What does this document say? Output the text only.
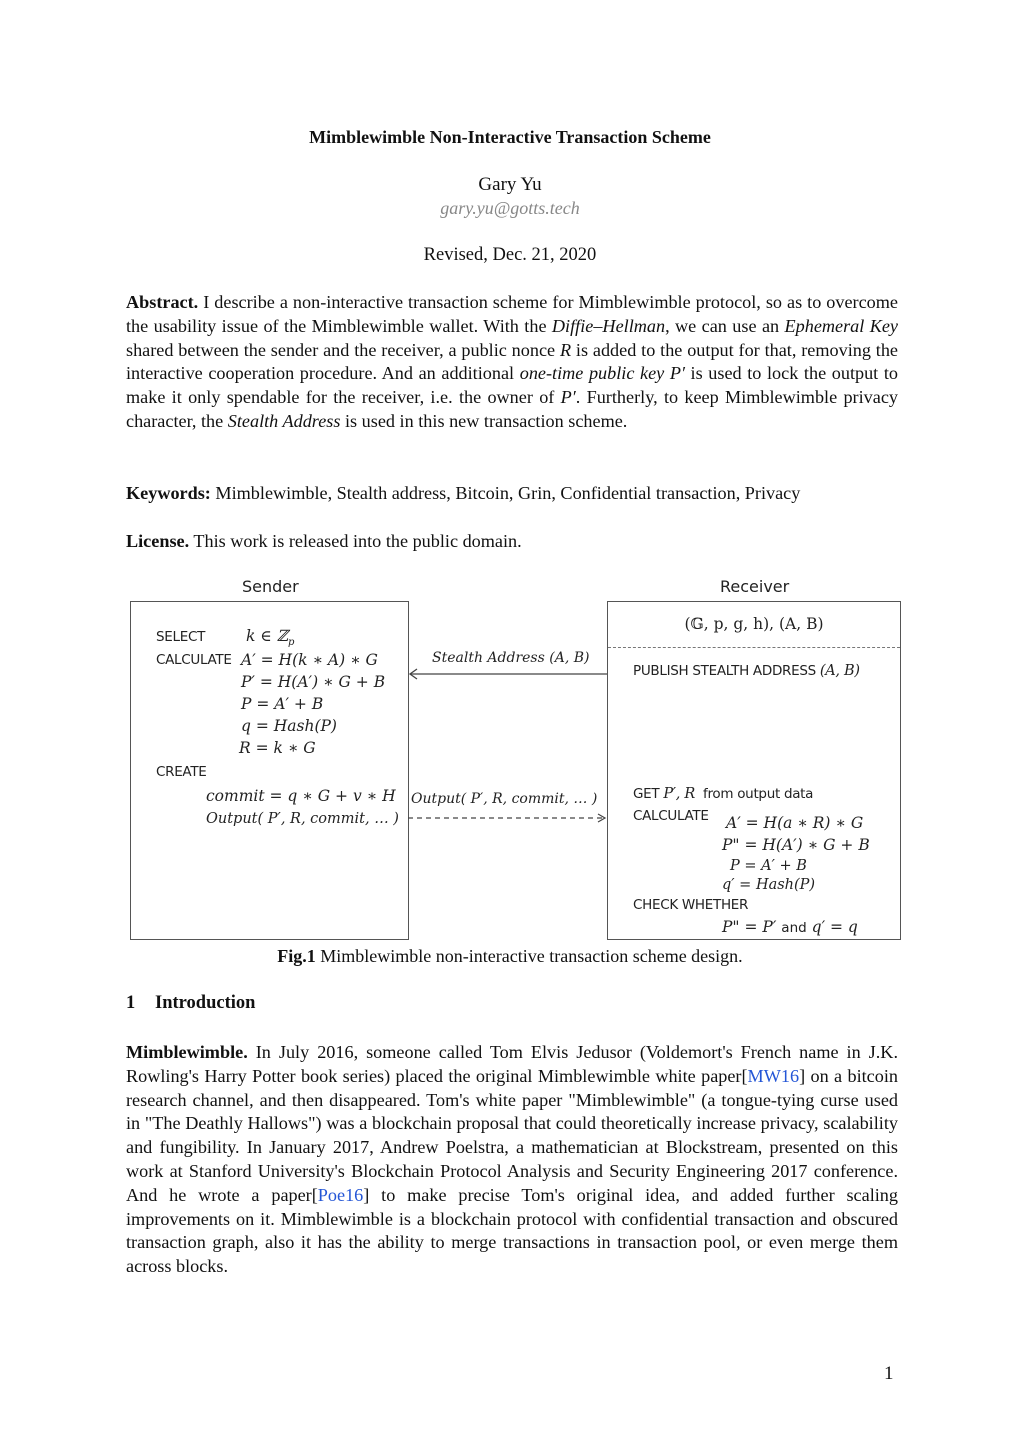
Mimblewimble Non-Interactive Transaction Scheme
Gary Yu
gary.yu@gotts.tech
Revised, Dec. 21, 2020
Abstract. I describe a non-interactive transaction scheme for Mimblewimble protocol, so as to overcome the usability issue of the Mimblewimble wallet. With the Diffie–Hellman, we can use an Ephemeral Key shared between the sender and the receiver, a public nonce R is added to the output for that, removing the interactive cooperation procedure. And an additional one-time public key P′ is used to lock the output to make it only spendable for the receiver, i.e. the owner of P′. Furtherly, to keep Mimblewimble privacy character, the Stealth Address is used in this new transaction scheme.
Keywords: Mimblewimble, Stealth address, Bitcoin, Grin, Confidential transaction, Privacy
License. This work is released into the public domain.
Sender	Receiver
SELECT	k ∈ ℤ$_p$
CALCULATE A′ = H(k ∗ A) ∗ G
P′ = H(A′) ∗ G + B
P = A′ + B
q = Hash(P)
R = k ∗ G
CREATE
commit = q ∗ G + v ∗ H
Output( P′, R, commit, … )
(𝔾, p, g, h), (A, B)
PUBLISH STEALTH ADDRESS (A, B)
GET P′, R from output data
CALCULATE A′ = H(a ∗ R) ∗ G
P" = H(A′) ∗ G + B
P = A′ + B
q′ = Hash(P)
CHECK WHETHER
P" = P′ and q′ = q
Stealth Address (A, B)
Output( P′, R, commit, … )
Fig.1 Mimblewimble non-interactive transaction scheme design.
1 Introduction
Mimblewimble. In July 2016, someone called Tom Elvis Jedusor (Voldemort's French name in J.K. Rowling's Harry Potter book series) placed the original Mimblewimble white paper[MW16] on a bitcoin research channel, and then disappeared. Tom's white paper "Mimblewimble" (a tongue-tying curse used in "The Deathly Hallows") was a blockchain proposal that could theoretically increase privacy, scalability and fungibility. In January 2017, Andrew Poelstra, a mathematician at Blockstream, presented on this work at Stanford University's Blockchain Protocol Analysis and Security Engineering 2017 conference. And he wrote a paper[Poe16] to make precise Tom's original idea, and added further scaling improvements on it. Mimblewimble is a blockchain protocol with confidential transaction and obscured transaction graph, also it has the ability to merge transactions in transaction pool, or even merge them across blocks.
1
